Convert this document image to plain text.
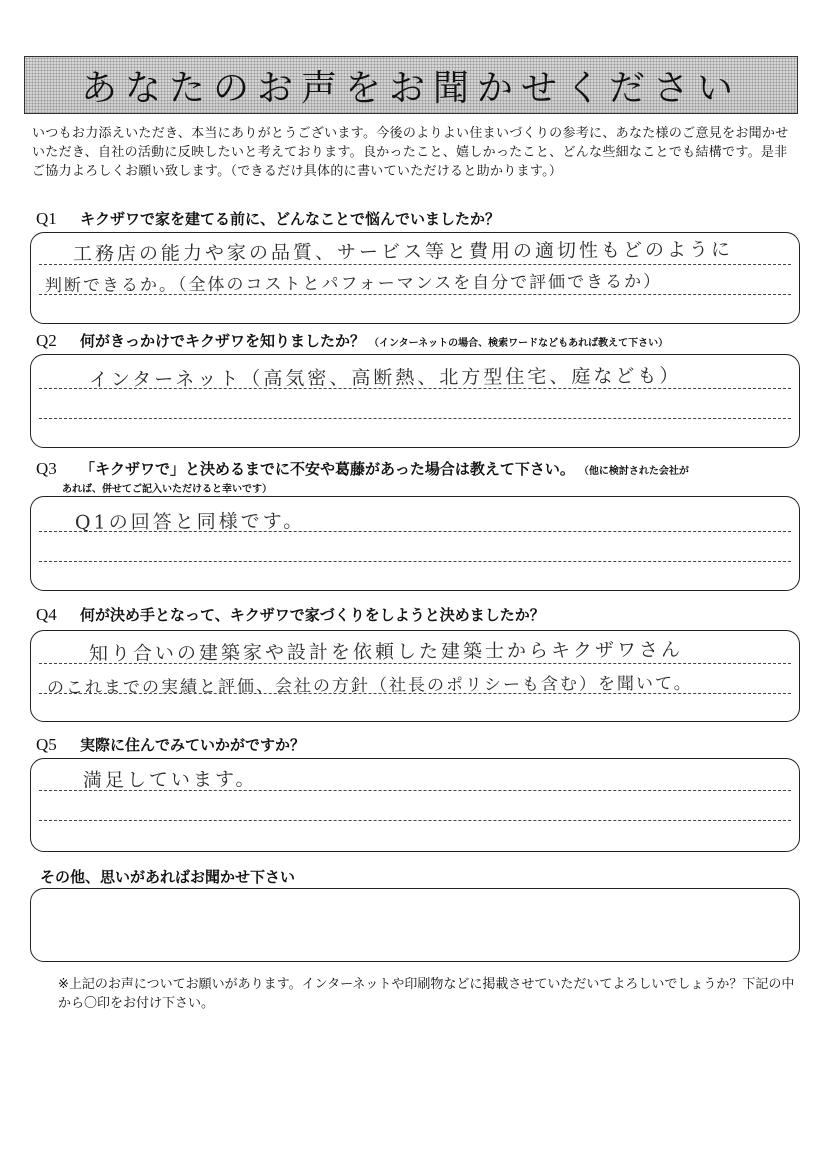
あなたのお声をお聞かせください
いつもお力添えいただき、本当にありがとうございます。今後のよりよい住まいづくりの参考に、あなた様のご意見をお聞かせいただき、自社の活動に反映したいと考えております。良かったこと、嬉しかったこと、どんな些細なことでも結構です。是非ご協力よろしくお願い致します。（できるだけ具体的に書いていただけると助かります。）
Q1	キクザワで家を建てる前に、どんなことで悩んでいましたか？
工務店の能力や家の品質、サービス等と費用の適切性もどのように
判断できるか。（全体のコストとパフォーマンスを自分で評価できるか）
Q2	何がきっかけでキクザワを知りましたか？ （インターネットの場合、検索ワードなどもあれば教えて下さい）
インターネット（高気密、高断熱、北方型住宅、庭なども）
Q3	「キクザワで」と決めるまでに不安や葛藤があった場合は教えて下さい。 （他に検討された会社が
あれば、併せてご記入いただけると幸いです）
Q1の回答と同様です。
Q4	何が決め手となって、キクザワで家づくりをしようと決めましたか？
知り合いの建築家や設計を依頼した建築士からキクザワさん
のこれまでの実績と評価、会社の方針（社長のポリシーも含む）を聞いて。
Q5	実際に住んでみていかがですか？
満足しています。
その他、思いがあればお聞かせ下さい
※上記のお声についてお願いがあります。インターネットや印刷物などに掲載させていただいてよろしいでしょうか？下記の中から〇印をお付け下さい。
